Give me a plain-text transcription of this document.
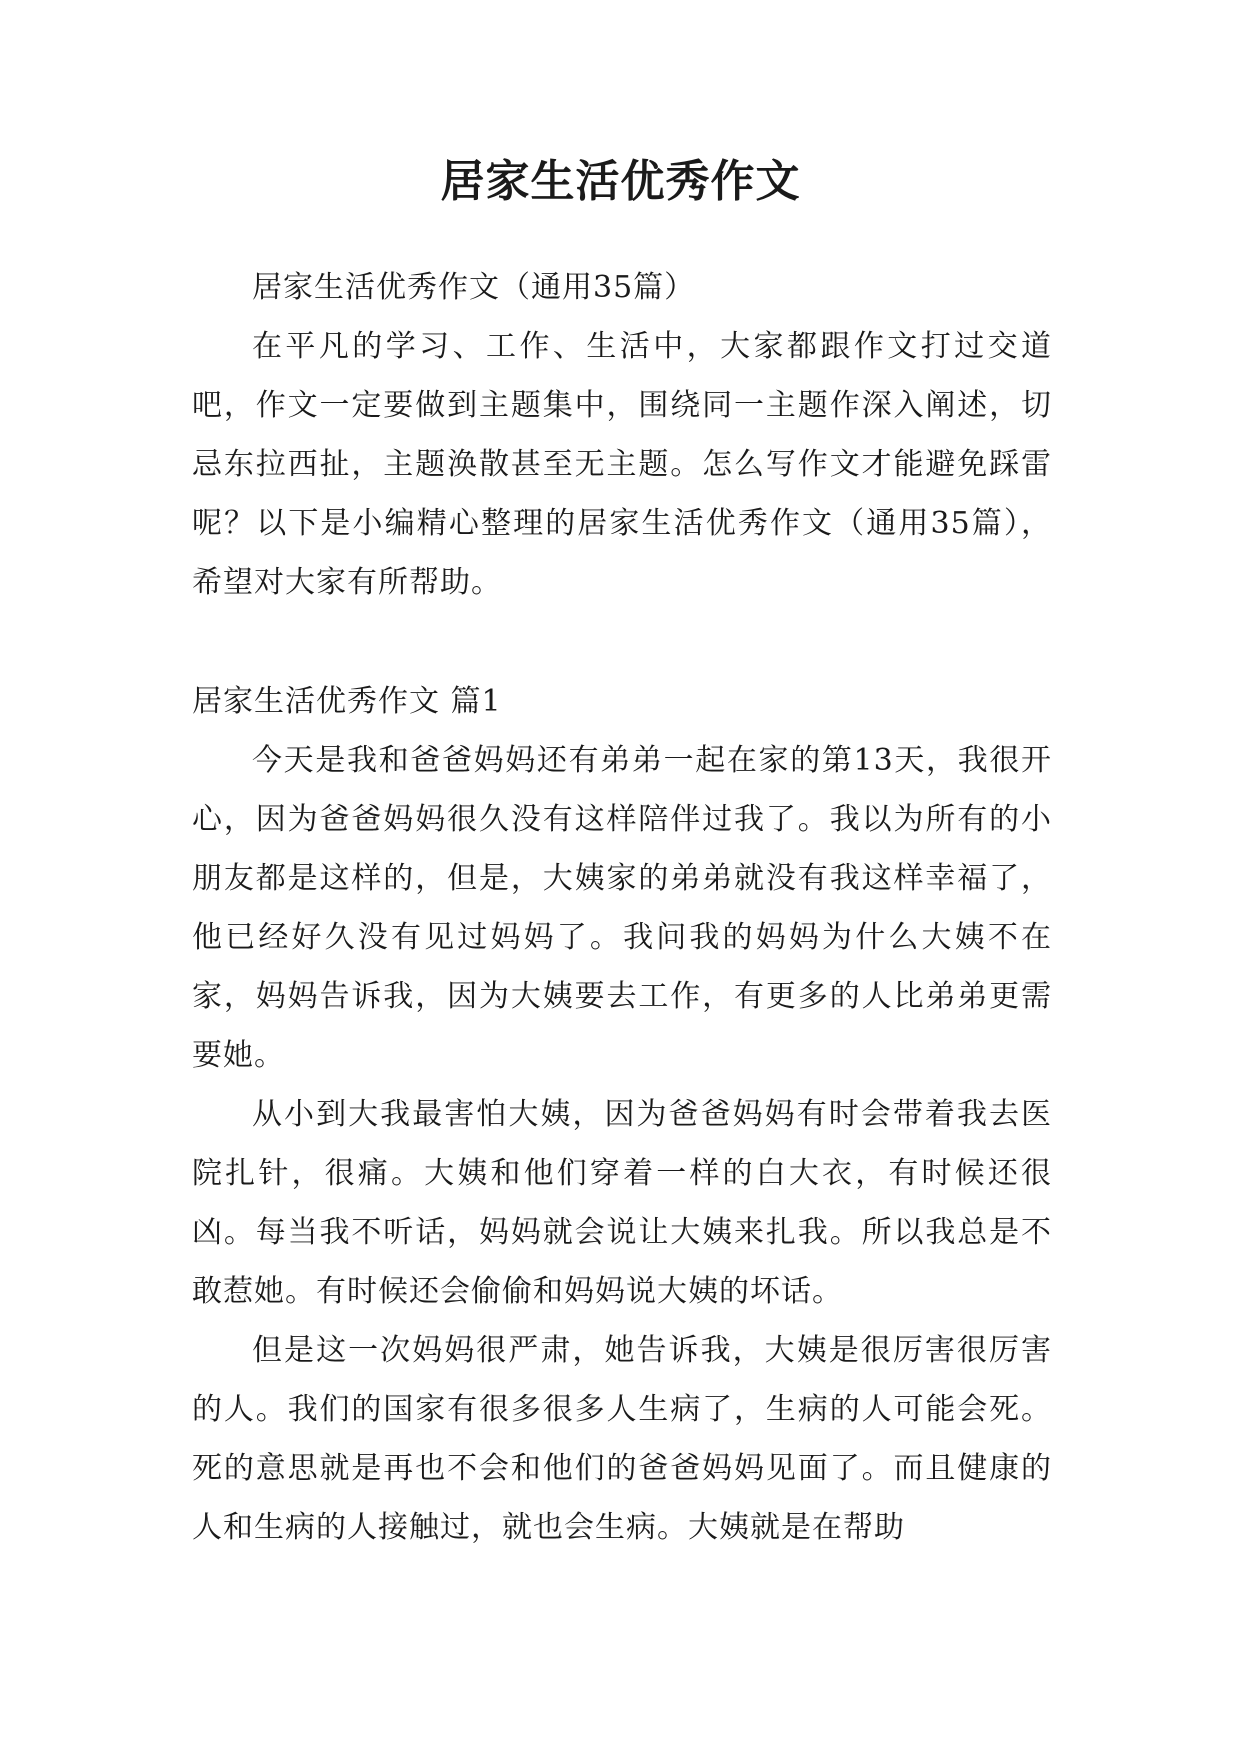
居家生活优秀作文

居家生活优秀作文（通用35篇）

在平凡的学习、工作、生活中，大家都跟作文打过交道吧，作文一定要做到主题集中，围绕同一主题作深入阐述，切忌东拉西扯，主题涣散甚至无主题。怎么写作文才能避免踩雷呢？以下是小编精心整理的居家生活优秀作文（通用35篇），希望对大家有所帮助。

居家生活优秀作文 篇1

今天是我和爸爸妈妈还有弟弟一起在家的第13天，我很开心，因为爸爸妈妈很久没有这样陪伴过我了。我以为所有的小朋友都是这样的，但是，大姨家的弟弟就没有我这样幸福了，他已经好久没有见过妈妈了。我问我的妈妈为什么大姨不在家，妈妈告诉我，因为大姨要去工作，有更多的人比弟弟更需要她。

从小到大我最害怕大姨，因为爸爸妈妈有时会带着我去医院扎针，很痛。大姨和他们穿着一样的白大衣，有时候还很凶。每当我不听话，妈妈就会说让大姨来扎我。所以我总是不敢惹她。有时候还会偷偷和妈妈说大姨的坏话。

但是这一次妈妈很严肃，她告诉我，大姨是很厉害很厉害的人。我们的国家有很多很多人生病了，生病的人可能会死。死的意思就是再也不会和他们的爸爸妈妈见面了。而且健康的人和生病的人接触过，就也会生病。大姨就是在帮助
